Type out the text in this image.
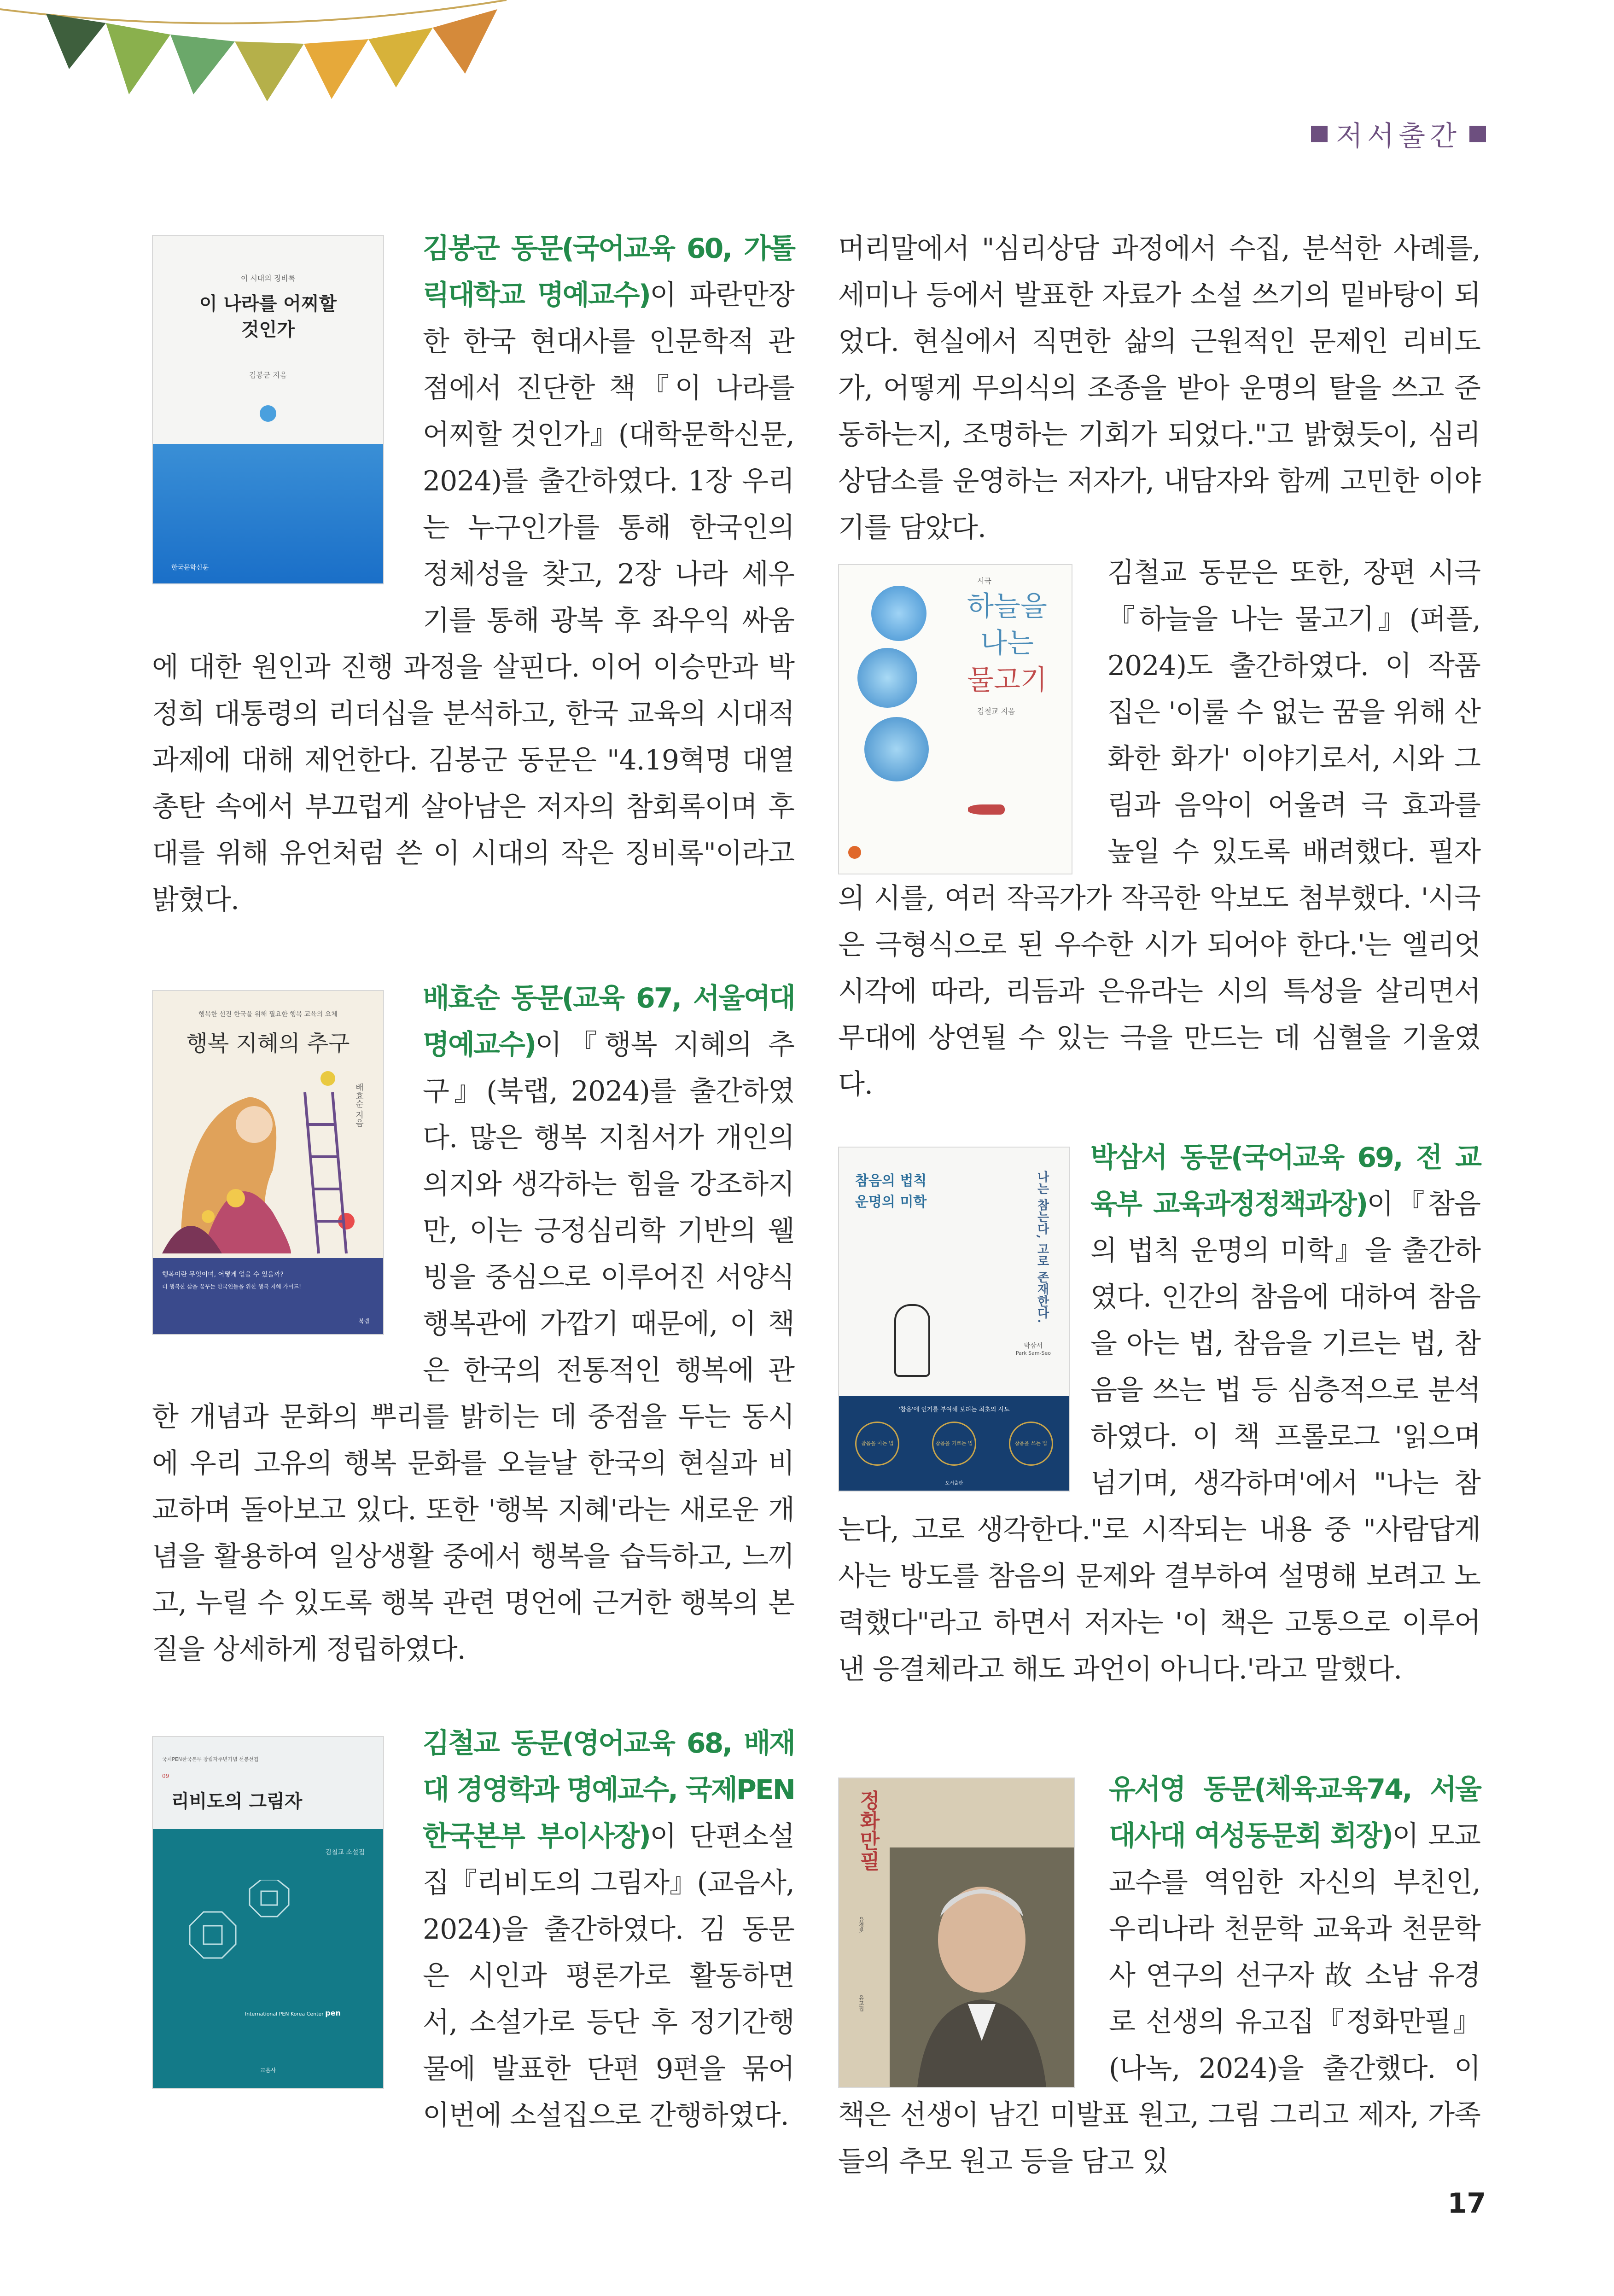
저서출간
이 시대의 징비록
이 나라를 어찌할 것인가
김봉군 지음
한국문학신문

김봉군 동문(국어교육 60, 가톨릭대학교 명예교수)이 파란만장한 한국 현대사를 인문학적 관점에서 진단한 책『이 나라를 어찌할 것인가』(대학문학신문, 2024)를 출간하였다. 1장 우리는 누구인가를 통해 한국인의 정체성을 찾고, 2장 나라 세우기를 통해 광복 후 좌우익 싸움에 대한 원인과 진행 과정을 살핀다. 이어 이승만과 박정희 대통령의 리더십을 분석하고, 한국 교육의 시대적 과제에 대해 제언한다. 김봉군 동문은 "4.19혁명 대열 총탄 속에서 부끄럽게 살아남은 저자의 참회록이며 후대를 위해 유언처럼 쓴 이 시대의 작은 징비록"이라고 밝혔다.

행복한 선진 한국을 위해 필요한 행복 교육의 요체
행복 지혜의 추구
배효순 지음
행복이란 무엇이며, 어떻게 얻을 수 있을까?
더 행복한 삶을 꿈꾸는 한국인들을 위한 행복 지혜 가이드!
북랩

배효순 동문(교육 67, 서울여대 명예교수)이『행복 지혜의 추구』(북랩, 2024)를 출간하였다. 많은 행복 지침서가 개인의 의지와 생각하는 힘을 강조하지만, 이는 긍정심리학 기반의 웰빙을 중심으로 이루어진 서양식 행복관에 가깝기 때문에, 이 책은 한국의 전통적인 행복에 관한 개념과 문화의 뿌리를 밝히는 데 중점을 두는 동시에 우리 고유의 행복 문화를 오늘날 한국의 현실과 비교하며 돌아보고 있다. 또한 '행복 지혜'라는 새로운 개념을 활용하여 일상생활 중에서 행복을 습득하고, 느끼고, 누릴 수 있도록 행복 관련 명언에 근거한 행복의 본질을 상세하게 정립하였다.

국제PEN한국본부 창립자주년기념 선봉선집
09
리비도의 그림자
김철교 소설집
International PEN Korea Center pen
교음사

김철교 동문(영어교육 68, 배재대 경영학과 명예교수, 국제PEN한국본부 부이사장)이 단편소설집『리비도의 그림자』(교음사, 2024)을 출간하였다. 김 동문은 시인과 평론가로 활동하면서, 소설가로 등단 후 정기간행물에 발표한 단편 9편을 묶어 이번에 소설집으로 간행하였다.

머리말에서 "심리상담 과정에서 수집, 분석한 사례를, 세미나 등에서 발표한 자료가 소설 쓰기의 밑바탕이 되었다. 현실에서 직면한 삶의 근원적인 문제인 리비도가, 어떻게 무의식의 조종을 받아 운명의 탈을 쓰고 준동하는지, 조명하는 기회가 되었다."고 밝혔듯이, 심리상담소를 운영하는 저자가, 내담자와 함께 고민한 이야기를 담았다.

시극
하늘을
나는
물고기
김철교 지음

김철교 동문은 또한, 장편 시극『하늘을 나는 물고기』(퍼플, 2024)도 출간하였다. 이 작품집은 '이룰 수 없는 꿈을 위해 산화한 화가' 이야기로서, 시와 그림과 음악이 어울려 극 효과를 높일 수 있도록 배려했다. 필자의 시를, 여러 작곡가가 작곡한 악보도 첨부했다. '시극은 극형식으로 된 우수한 시가 되어야 한다.'는 엘리엇 시각에 따라, 리듬과 은유라는 시의 특성을 살리면서 무대에 상연될 수 있는 극을 만드는 데 심혈을 기울였다.

참음의 법칙
운명의 미학	나는 참는다, 고로 존재한다.
박삼서
Park Sam-Seo
'참음'에 인기를 부여해 보려는 최초의 시도
참음을 아는 법	참음을 기르는 법	참음을 쓰는 법
도서출판

박삼서 동문(국어교육 69, 전 교육부 교육과정정책과장)이『참음의 법칙 운명의 미학』을 출간하였다. 인간의 참음에 대하여 참음을 아는 법, 참음을 기르는 법, 참음을 쓰는 법 등 심층적으로 분석하였다. 이 책 프롤로그 '읽으며 넘기며, 생각하며'에서 "나는 참는다, 고로 생각한다."로 시작되는 내용 중 "사람답게 사는 방도를 참음의 문제와 결부하여 설명해 보려고 노력했다"라고 하면서 저자는 '이 책은 고통으로 이루어낸 응결체라고 해도 과언이 아니다.'라고 말했다.

정화만필
유경로
유고집

유서영 동문(체육교육74, 서울대사대 여성동문회 회장)이 모교 교수를 역임한 자신의 부친인, 우리나라 천문학 교육과 천문학사 연구의 선구자 故 소남 유경로 선생의 유고집『정화만필』(나녹, 2024)을 출간했다. 이 책은 선생이 남긴 미발표 원고, 그림 그리고 제자, 가족들의 추모 원고 등을 담고 있

17
